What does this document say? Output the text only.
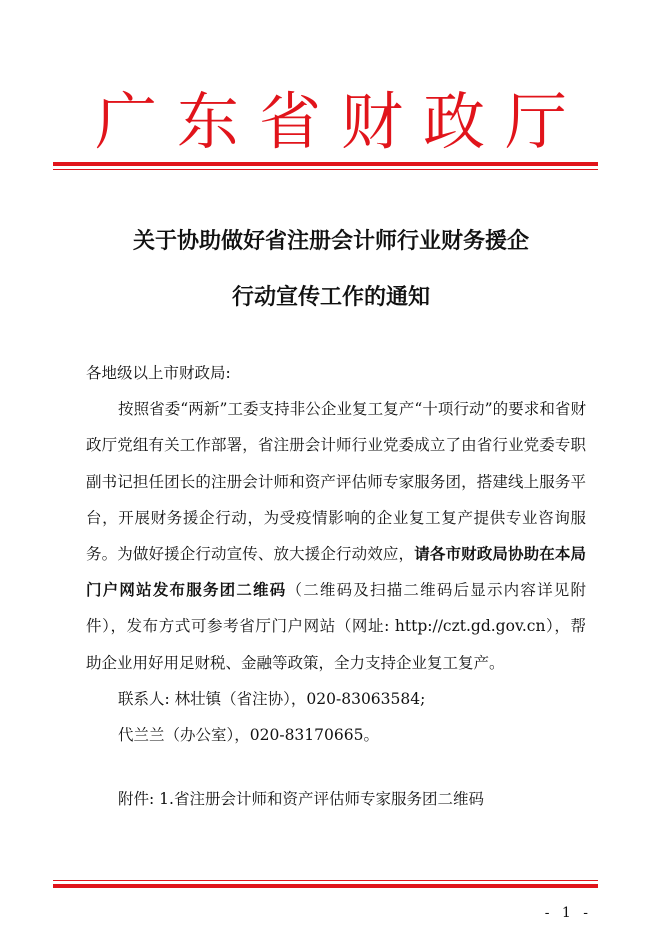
广东省财政厅
关于协助做好省注册会计师行业财务援企
行动宣传工作的通知

各地级以上市财政局:

按照省委“两新”工委支持非公企业复工复产“十项行动”的要求和省财政厅党组有关工作部署，省注册会计师行业党委成立了由省行业党委专职副书记担任团长的注册会计师和资产评估师专家服务团，搭建线上服务平台，开展财务援企行动，为受疫情影响的企业复工复产提供专业咨询服务。为做好援企行动宣传、放大援企行动效应，请各市财政局协助在本局门户网站发布服务团二维码（二维码及扫描二维码后显示内容详见附件），发布方式可参考省厅门户网站（网址: http://czt.gd.gov.cn），帮助企业用好用足财税、金融等政策，全力支持企业复工复产。

联系人: 林壮镇（省注协），020-83063584;

代兰兰（办公室），020-83170665。

附件: 1.省注册会计师和资产评估师专家服务团二维码

- 1 -
